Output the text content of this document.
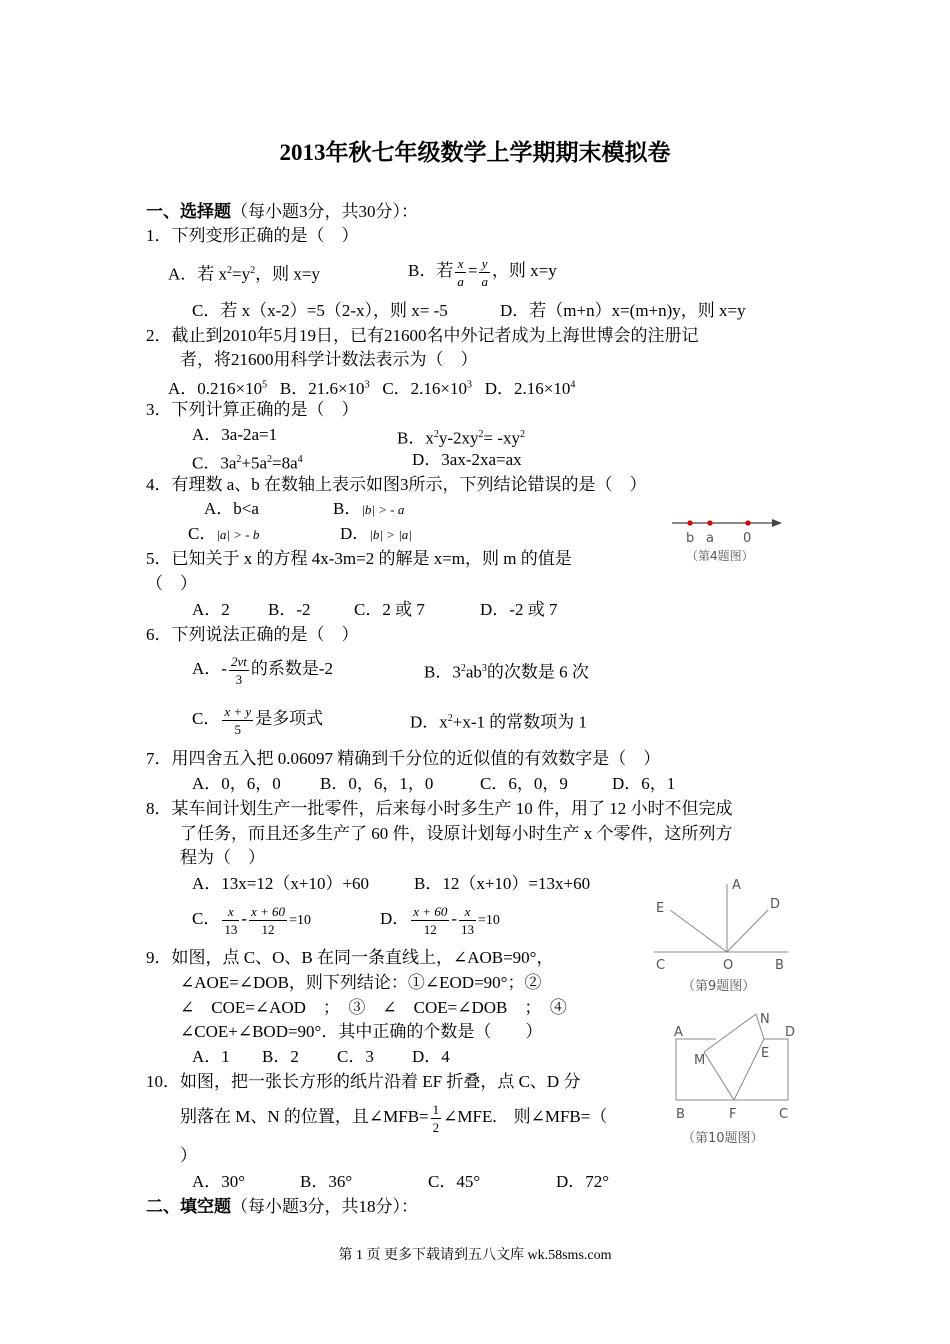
2013年秋七年级数学上学期期末模拟卷
一、选择题（每小题3分，共30分）：
1．下列变形正确的是（　）
A．若 $x^2=y^2$，则 x=y	B．若 $\frac{x}{a} = \frac{y}{a}$ ，则 x=y
C．若 x（x-2）=5（2-x），则 x= -5	D．若（m+n）x=(m+n)y，则 x=y
2．截止到2010年5月19日，已有21600名中外记者成为上海世博会的注册记
者，将21600用科学计数法表示为（　）
A．$0.216\times 10^5$ B．$21.6\times 10^3$ C．$2.16\times 10^3$ D．$2.16\times 10^4$
3．下列计算正确的是（　）
A．3a-2a=1	B．$x^2y-2xy^2= -xy^2$
C．$3a^2+5a^2=8a^4$	D．3ax-2xa=ax
4．有理数 a、b 在数轴上表示如图3所示，下列结论错误的是（　）
A．b<a	B．|b| > - a
C．|a| > - b	D．|b| > |a|	b a 0
（第4题图）
5．已知关于 x 的方程 4x-3m=2 的解是 x=m，则 m 的值是
（　）
A．2 B．-2	C．2 或 7	D．-2 或 7
6．下列说法正确的是（　）
A．- $\frac{2vt}{3}$ 的系数是-2	B．$3^2ab^3$的次数是 6 次
C． $\frac{x + y}{5}$ 是多项式	D．$x^2+x-1$ 的常数项为 1
7．用四舍五入把 0.06097 精确到千分位的近似值的有效数字是（　）
A．0，6，0 B．0，6，1，0	C．6，0，9	D．6，1
8．某车间计划生产一批零件，后来每小时多生产 10 件，用了 12 小时不但完成
了任务，而且还多生产了 60 件，设原计划每小时生产 x 个零件，这所列方
程为（　）
A．13x=12（x+10）+60	B．12（x+10）=13x+60
C． $\frac{x}{13} - \frac{x + 60}{12} =10$	D． $\frac{x + 60}{12} - \frac{x}{13} =10$
A
E	D
C	O	B
（第9题图）
9．如图，点 C、O、B 在同一条直线上，∠AOB=90°，
∠AOE=∠DOB，则下列结论：①∠EOD=90°；②
∠　COE=∠AOD　；　③　∠　COE=∠DOB　；　④
∠COE+∠BOD=90°．其中正确的个数是（　　）
A．1 B．2 C．3 D．4
A
N
D
E
M
B	F	C
（第10题图）
10．如图，把一张长方形的纸片沿着 EF 折叠，点 C、D 分
别落在 M、N 的位置，且∠MFB= $\frac{1}{2}$ ∠MFE.　则∠MFB=（
）
A．30°	B．36°	C．45°	D．72°
二、填空题（每小题3分，共18分）：
第 1 页 更多下载请到五八文库 wk.58sms.com
